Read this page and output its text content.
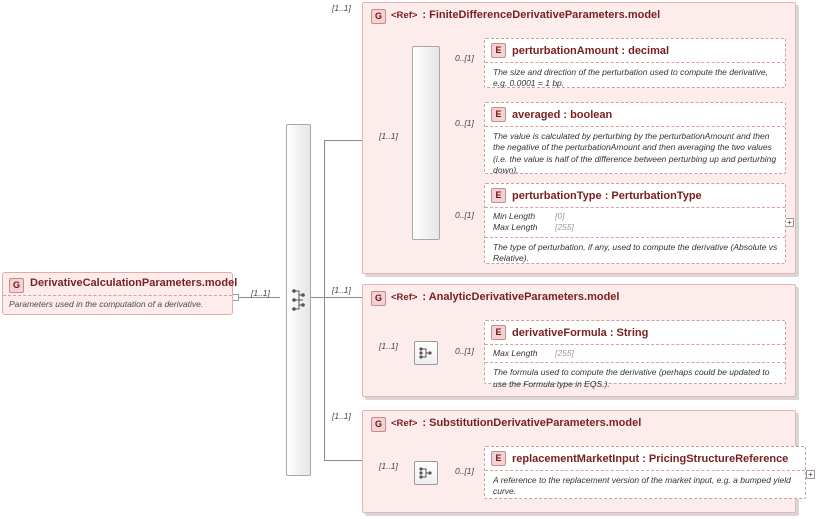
G DerivativeCalculationParameters.model
Parameters used in the computation of a derivative.
[1..1]
G <Ref> : FiniteDifferenceDerivativeParameters.model
[1..1]
[1..1]
+
0..[1]
E perturbationAmount : decimal
The size and direction of the perturbation used to compute the derivative, e.g. 0.0001 = 1 bp.
0..[1]
E averaged : boolean
The value is calculated by perturbing by the perturbationAmount and then the negative of the perturbationAmount and then averaging the two values (i.e. the value is half of the difference between perturbing up and perturbing down).
0..[1]
E perturbationType : PerturbationType
Min Length	[0]
Max Length	[255]
The type of perturbation, if any, used to compute the derivative (Absolute vs Relative).
G <Ref> : AnalyticDerivativeParameters.model
[1..1]
[1..1]	0..[1]
E derivativeFormula : String
Max Length	[255]
The formula used to compute the derivative (perhaps could be updated to use the Formula type in EQS.).
G <Ref> : SubstitutionDerivativeParameters.model
[1..1]
[1..1]
+
0..[1]
E replacementMarketInput : PricingStructureReference
A reference to the replacement version of the market input, e.g. a bumped yield curve.
